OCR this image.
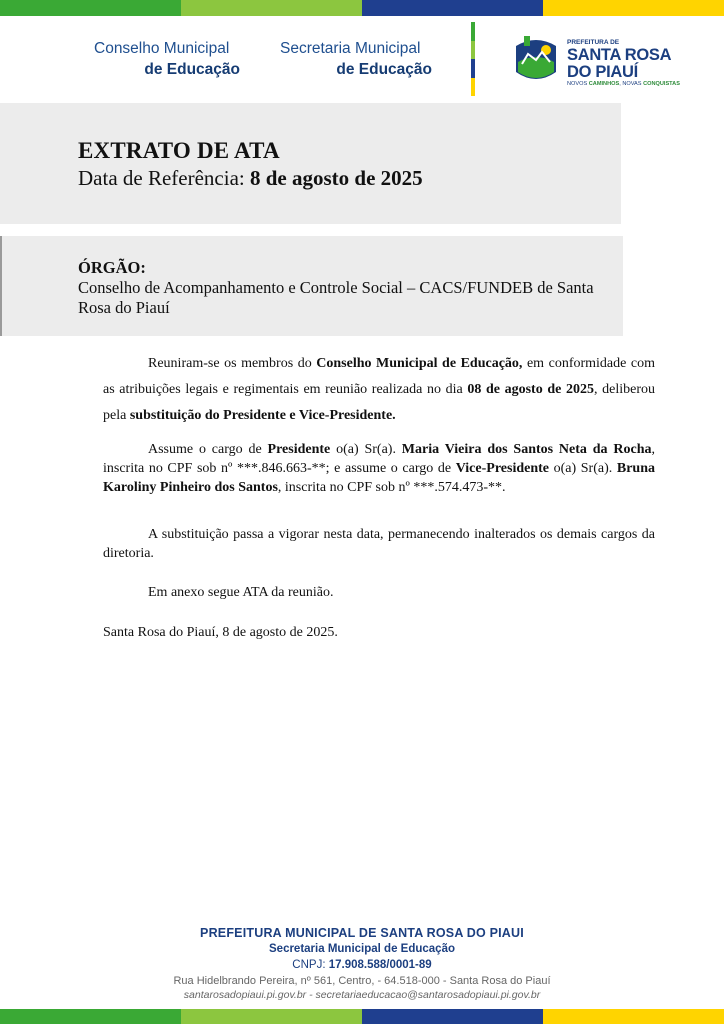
Conselho Municipal
de Educação
Secretaria Municipal
de Educação
PREFEITURA DE
SANTA ROSA
DO PIAUÍ
NOVOS CAMINHOS, NOVAS CONQUISTAS
EXTRATO DE ATA
Data de Referência: 8 de agosto de 2025
ÓRGÃO:
Conselho de Acompanhamento e Controle Social – CACS/FUNDEB de Santa Rosa do Piauí
Reuniram-se os membros do Conselho Municipal de Educação, em conformidade com as atribuições legais e regimentais em reunião realizada no dia 08 de agosto de 2025, deliberou pela substituição do Presidente e Vice-Presidente.
Assume o cargo de Presidente o(a) Sr(a). Maria Vieira dos Santos Neta da Rocha, inscrita no CPF sob nº ***.846.663-**; e assume o cargo de Vice-Presidente o(a) Sr(a). Bruna Karoliny Pinheiro dos Santos, inscrita no CPF sob nº ***.574.473-**.
A substituição passa a vigorar nesta data, permanecendo inalterados os demais cargos da diretoria.
Em anexo segue ATA da reunião.
Santa Rosa do Piauí, 8 de agosto de 2025.
PREFEITURA MUNICIPAL DE SANTA ROSA DO PIAUI
Secretaria Municipal de Educação
CNPJ: 17.908.588/0001-89
Rua Hidelbrando Pereira, nº 561, Centro, - 64.518-000 - Santa Rosa do Piauí
santarosadopiaui.pi.gov.br - secretariaeducacao@santarosadopiaui.pi.gov.br
